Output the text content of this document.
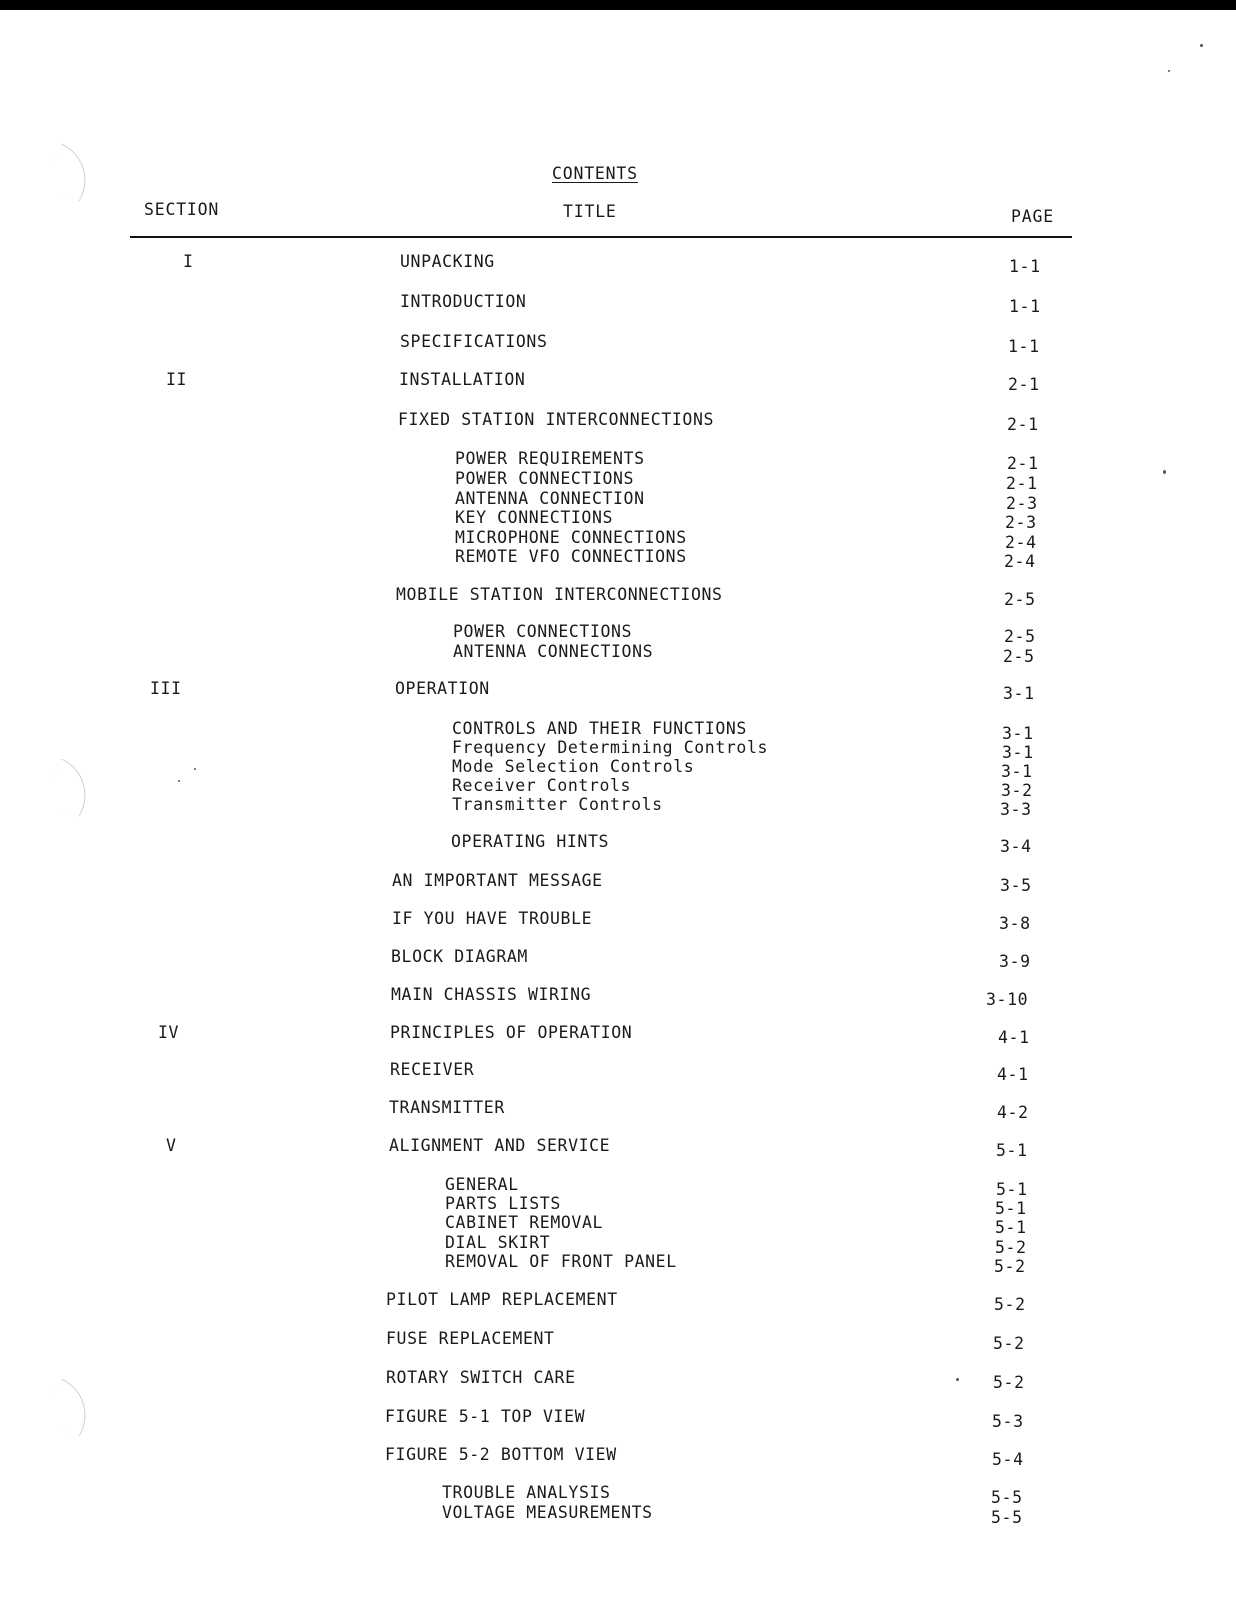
CONTENTS
SECTION	TITLE	PAGE
I	UNPACKING	1-1
INTRODUCTION	1-1
SPECIFICATIONS	1-1
II	INSTALLATION	2-1
FIXED STATION INTERCONNECTIONS	2-1
POWER REQUIREMENTS	2-1
POWER CONNECTIONS	2-1
ANTENNA CONNECTION	2-3
KEY CONNECTIONS	2-3
MICROPHONE CONNECTIONS	2-4
REMOTE VFO CONNECTIONS	2-4
MOBILE STATION INTERCONNECTIONS	2-5
POWER CONNECTIONS	2-5
ANTENNA CONNECTIONS	2-5
III	OPERATION	3-1
CONTROLS AND THEIR FUNCTIONS	3-1
Frequency Determining Controls	3-1
Mode Selection Controls	3-1
Receiver Controls	3-2
Transmitter Controls	3-3
OPERATING HINTS	3-4
AN IMPORTANT MESSAGE	3-5
IF YOU HAVE TROUBLE	3-8
BLOCK DIAGRAM	3-9
MAIN CHASSIS WIRING	3-10
IV	PRINCIPLES OF OPERATION	4-1
RECEIVER	4-1
TRANSMITTER	4-2
V	ALIGNMENT AND SERVICE	5-1
GENERAL	5-1
PARTS LISTS	5-1
CABINET REMOVAL	5-1
DIAL SKIRT	5-2
REMOVAL OF FRONT PANEL	5-2
PILOT LAMP REPLACEMENT	5-2
FUSE REPLACEMENT	5-2
ROTARY SWITCH CARE	5-2
FIGURE 5-1 TOP VIEW	5-3
FIGURE 5-2 BOTTOM VIEW	5-4
TROUBLE ANALYSIS	5-5
VOLTAGE MEASUREMENTS	5-5
